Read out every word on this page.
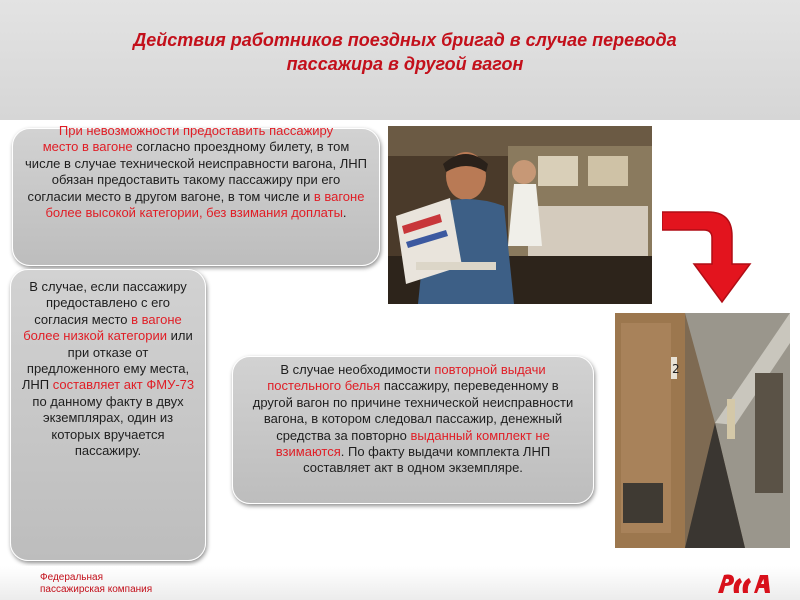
Действия работников поездных бригад в случае перевода
пассажира в другой вагон
При невозможности предоставить пассажиру
место в вагоне согласно проездному билету, в том числе в случае технической неисправности вагона, ЛНП обязан предоставить такому пассажиру при его согласии место в другом вагоне, в том числе и в вагоне более высокой категории, без взимания доплаты.
В случае, если пассажиру предоставлено с его согласия место в вагоне более низкой категории или при отказе от предложенного ему места, ЛНП составляет акт ФМУ-73 по данному факту в двух экземплярах, один из которых вручается пассажиру.
В случае необходимости повторной выдачи постельного белья пассажиру, переведенному в другой вагон по причине технической неисправности вагона, в котором следовал пассажир, денежный средства за повторно выданный комплект не взимаются. По факту выдачи комплекта ЛНП составляет акт в одном экземпляре.
2
Федеральная
пассажирская компания
